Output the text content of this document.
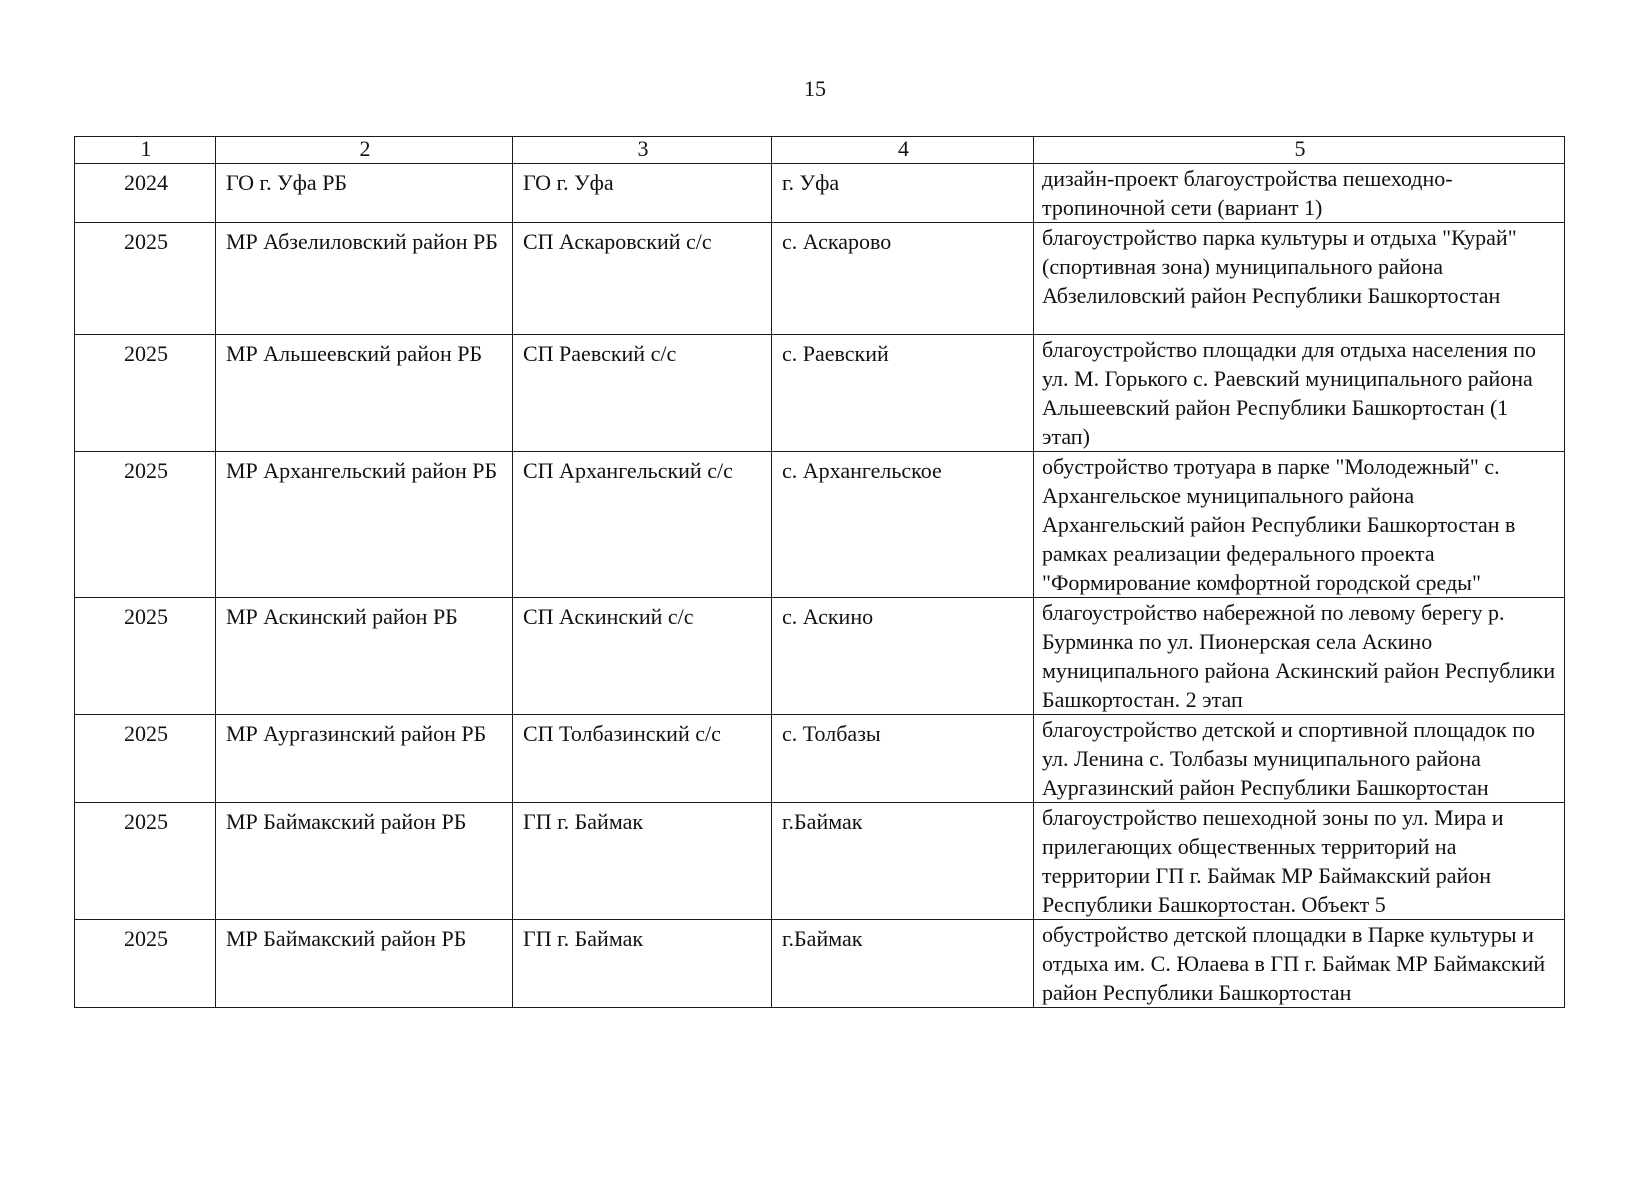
15
1	2	3	4	5
2024	ГО г. Уфа РБ	ГО г. Уфа	г. Уфа	дизайн-проект благоустройства пешеходно-тропиночной сети (вариант 1)
2025	МР Абзелиловский район РБ	СП Аскаровский с/с	с. Аскарово	благоустройство парка культуры и отдыха "Курай" (спортивная зона) муниципального района Абзелиловский район Республики Башкортостан
2025	МР Альшеевский район РБ	СП Раевский с/с	с. Раевский	благоустройство площадки для отдыха населения по ул. М. Горького с. Раевский муниципального района Альшеевский район Республики Башкортостан (1 этап)
2025	МР Архангельский район РБ	СП Архангельский с/с	с. Архангельское	обустройство тротуара в парке "Молодежный" с. Архангельское муниципального района Архангельский район Республики Башкортостан в рамках реализации федерального проекта "Формирование комфортной городской среды"
2025	МР Аскинский район РБ	СП Аскинский с/с	с. Аскино	благоустройство набережной по левому берегу р. Бурминка по ул. Пионерская села Аскино муниципального района Аскинский район Республики Башкортостан. 2 этап
2025	МР Аургазинский район РБ	СП Толбазинский с/с	с. Толбазы	благоустройство детской и спортивной площадок по ул. Ленина с. Толбазы муниципального района Аургазинский район Республики Башкортостан
2025	МР Баймакский район РБ	ГП г. Баймак	г.Баймак	благоустройство пешеходной зоны по ул. Мира и прилегающих общественных территорий на территории ГП г. Баймак МР Баймакский район Республики Башкортостан. Объект 5
2025	МР Баймакский район РБ	ГП г. Баймак	г.Баймак	обустройство детской площадки в Парке культуры и отдыха им. С. Юлаева в ГП г. Баймак МР Баймакский район Республики Башкортостан
